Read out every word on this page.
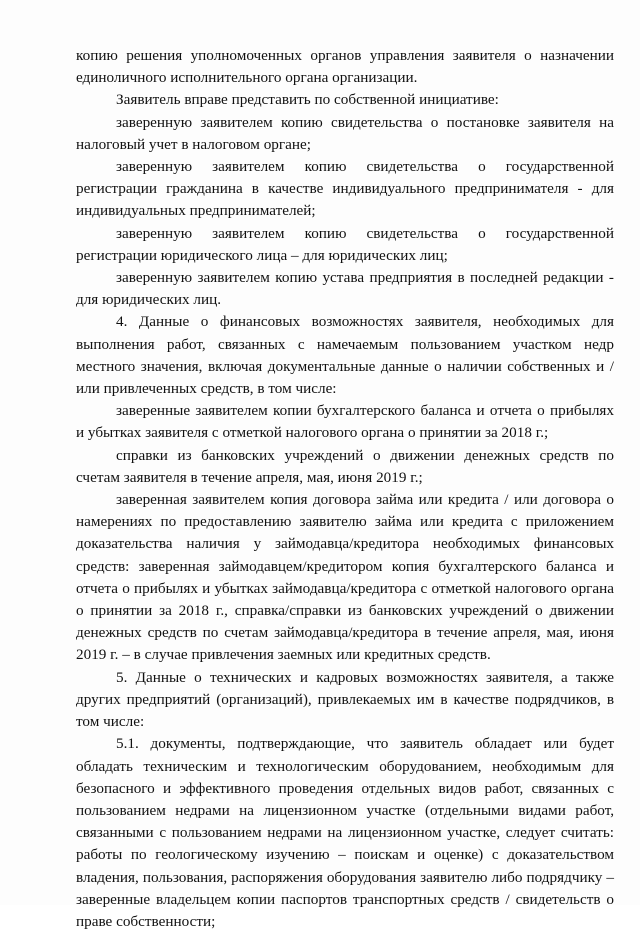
копию решения уполномоченных органов управления заявителя о назначении единоличного исполнительного органа организации.

Заявитель вправе представить по собственной инициативе:

заверенную заявителем копию свидетельства о постановке заявителя на налоговый учет в налоговом органе;

заверенную заявителем копию свидетельства о государственной регистрации гражданина в качестве индивидуального предпринимателя - для индивидуальных предпринимателей;

заверенную заявителем копию свидетельства о государственной регистрации юридического лица – для юридических лиц;

заверенную заявителем копию устава предприятия в последней редакции - для юридических лиц.

4. Данные о финансовых возможностях заявителя, необходимых для выполнения работ, связанных с намечаемым пользованием участком недр местного значения, включая документальные данные о наличии собственных и / или привлеченных средств, в том числе:

заверенные заявителем копии бухгалтерского баланса и отчета о прибылях и убытках заявителя с отметкой налогового органа о принятии за 2018 г.;

справки из банковских учреждений о движении денежных средств по счетам заявителя в течение апреля, мая, июня 2019 г.;

заверенная заявителем копия договора займа или кредита / или договора о намерениях по предоставлению заявителю займа или кредита с приложением доказательства наличия у займодавца/кредитора необходимых финансовых средств: заверенная займодавцем/кредитором копия бухгалтерского баланса и отчета о прибылях и убытках займодавца/кредитора с отметкой налогового органа о принятии за 2018 г., справка/справки из банковских учреждений о движении денежных средств по счетам займодавца/кредитора в течение апреля, мая, июня 2019 г. – в случае привлечения заемных или кредитных средств.

5. Данные о технических и кадровых возможностях заявителя, а также других предприятий (организаций), привлекаемых им в качестве подрядчиков, в том числе:

5.1. документы, подтверждающие, что заявитель обладает или будет обладать техническим и технологическим оборудованием, необходимым для безопасного и эффективного проведения отдельных видов работ, связанных с пользованием недрами на лицензионном участке (отдельными видами работ, связанными с пользованием недрами на лицензионном участке, следует считать: работы по геологическому изучению – поискам и оценке) с доказательством владения, пользования, распоряжения оборудования заявителю либо подрядчику – заверенные владельцем копии паспортов транспортных средств / свидетельств о праве собственности;
